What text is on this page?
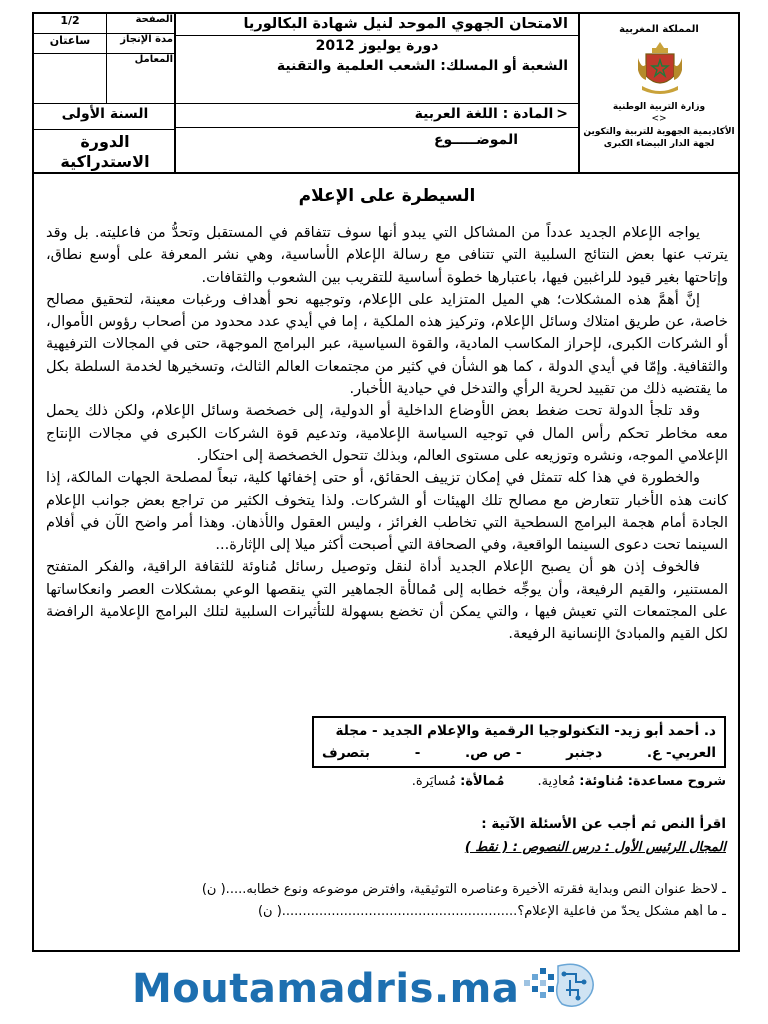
المملكة المغربية
وزارة التربية الوطنية
<>
الأكاديمية الجهوية للتربية والتكوين
لجهة الدار البيضاء الكبرى
الامتحان الجهوي الموحد لنيل شهادة البكالوريا
دورة يوليوز 2012
الشعبة أو المسلك: الشعب العلمية والتقنية
<
المادة : اللغة العربية
الموضـــــوع
الصفحة
1/2
مدة الإنجاز
ساعتان
المعامل
السنة الأولى
الدورة الاستدراكية
السيطرة على الإعلام

يواجه الإعلام الجديد عدداً من المشاكل التي يبدو أنها سوف تتفاقم في المستقبل وتحدُّ من فاعليته. بل وقد يترتب عنها بعض النتائج السلبية التي تتنافى مع رسالة الإعلام الأساسية، وهي نشر المعرفة على أوسع نطاق، وإتاحتها بغير قيود للراغبين فيها، باعتبارها خطوة أساسية للتقريب بين الشعوب والثقافات.

إنَّ أهمَّ هذه المشكلات؛ هي الميل المتزايد على الإعلام، وتوجيهه نحو أهداف ورغبات معينة، لتحقيق مصالح خاصة، عن طريق امتلاك وسائل الإعلام، وتركيز هذه الملكية ، إما في أيدي عدد محدود من أصحاب رؤوس الأموال، أو الشركات الكبرى، لإحراز المكاسب المادية، والقوة السياسية، عبر البرامج الموجهة، حتى في المجالات الترفيهية والثقافية. وإمّا في أيدي الدولة ، كما هو الشأن في كثير من مجتمعات العالم الثالث، وتسخيرها لخدمة السلطة بكل ما يقتضيه ذلك من تقييد لحرية الرأي والتدخل في حيادية الأخبار.

وقد تلجأ الدولة تحت ضغط بعض الأوضاع الداخلية أو الدولية، إلى خصخصة وسائل الإعلام، ولكن ذلك يحمل معه مخاطر تحكم رأس المال في توجيه السياسة الإعلامية، وتدعيم قوة الشركات الكبرى في مجالات الإنتاج الإعلامي الموجه، ونشره وتوزيعه على مستوى العالم، وبذلك تتحول الخصخصة إلى احتكار.

والخطورة في هذا كله تتمثل في إمكان تزييف الحقائق، أو حتى إخفائها كلية، تبعاً لمصلحة الجهات المالكة، إذا كانت هذه الأخبار تتعارض مع مصالح تلك الهيئات أو الشركات. ولذا يتخوف الكثير من تراجع بعض جوانب الإعلام الجادة أمام هجمة البرامج السطحية التي تخاطب الغرائز ، وليس العقول والأذهان. وهذا أمر واضح الآن في أفلام السينما تحت دعوى السينما الواقعية، وفي الصحافة التي أصبحت أكثر ميلا إلى الإثارة...

فالخوف إذن هو أن يصبح الإعلام الجديد أداة لنقل وتوصيل رسائل مُناوئة للثقافة الراقية، والفكر المتفتح المستنير، والقيم الرفيعة، وأن يوجِّه خطابه إلى مُمالأة الجماهير التي ينقصها الوعي بمشكلات العصر وانعكاساتها على المجتمعات التي تعيش فيها ، والتي يمكن أن تخضع بسهولة للتأثيرات السلبية لتلك البرامج الإعلامية الرافضة لكل القيم والمبادئ الإنسانية الرفيعة.

د. أحمد أبو زيد- التكنولوجيا الرقمية والإعلام الجديد - مجلة
العربي- ع.
دجنبر
- ص ص.
-
بتصرف
شروح مساعدة: مُناوئة: مُعادِية.        مُمالأة: مُسايَرة.
اقرأ النص ثم أجب عن الأسئلة الآتية :
المجال الرئيس الأول : درس النصوص : ( نقط )
ـ لاحظ عنوان النص وبداية فقرته الأخيرة وعناصره التوثيقية، وافترض موضوعه ونوع خطابه.....( ن)
ـ ما أهم مشكل يحدّ من فاعلية الإعلام؟.........................................................( ن)
Moutamadris.ma
